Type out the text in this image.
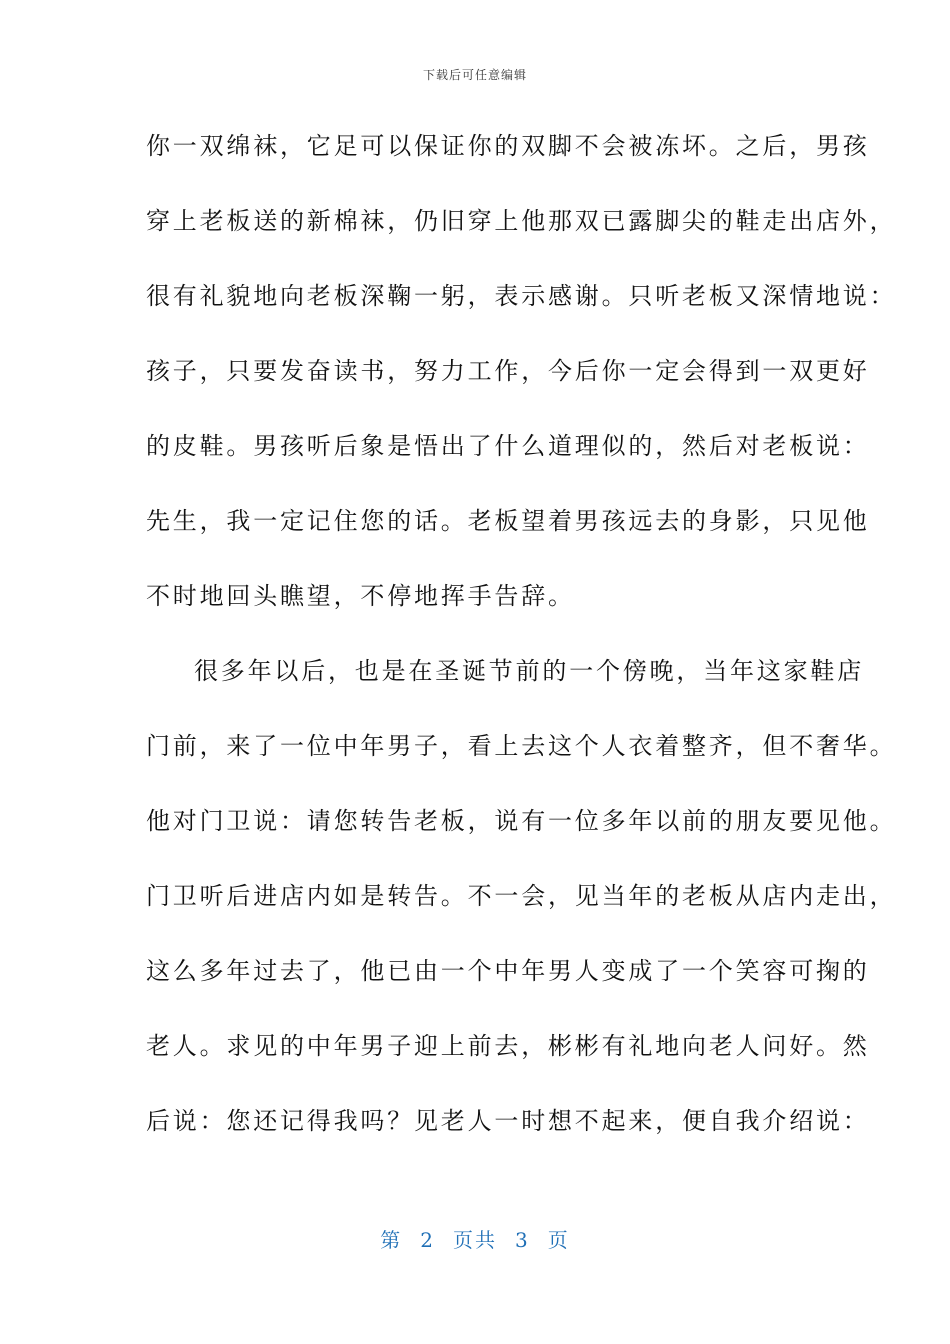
下载后可任意编辑
你一双绵袜，它足可以保证你的双脚不会被冻坏。之后，男孩
穿上老板送的新棉袜，仍旧穿上他那双已露脚尖的鞋走出店外，
很有礼貌地向老板深鞠一躬，表示感谢。只听老板又深情地说：
孩子，只要发奋读书，努力工作，今后你一定会得到一双更好
的皮鞋。男孩听后象是悟出了什么道理似的，然后对老板说：
先生，我一定记住您的话。老板望着男孩远去的身影，只见他
不时地回头瞧望，不停地挥手告辞。
很多年以后，也是在圣诞节前的一个傍晚，当年这家鞋店
门前，来了一位中年男子，看上去这个人衣着整齐，但不奢华。
他对门卫说：请您转告老板，说有一位多年以前的朋友要见他。
门卫听后进店内如是转告。不一会，见当年的老板从店内走出，
这么多年过去了，他已由一个中年男人变成了一个笑容可掬的
老人。求见的中年男子迎上前去，彬彬有礼地向老人问好。然
后说：您还记得我吗？见老人一时想不起来，便自我介绍说：
第 2 页共 3 页
